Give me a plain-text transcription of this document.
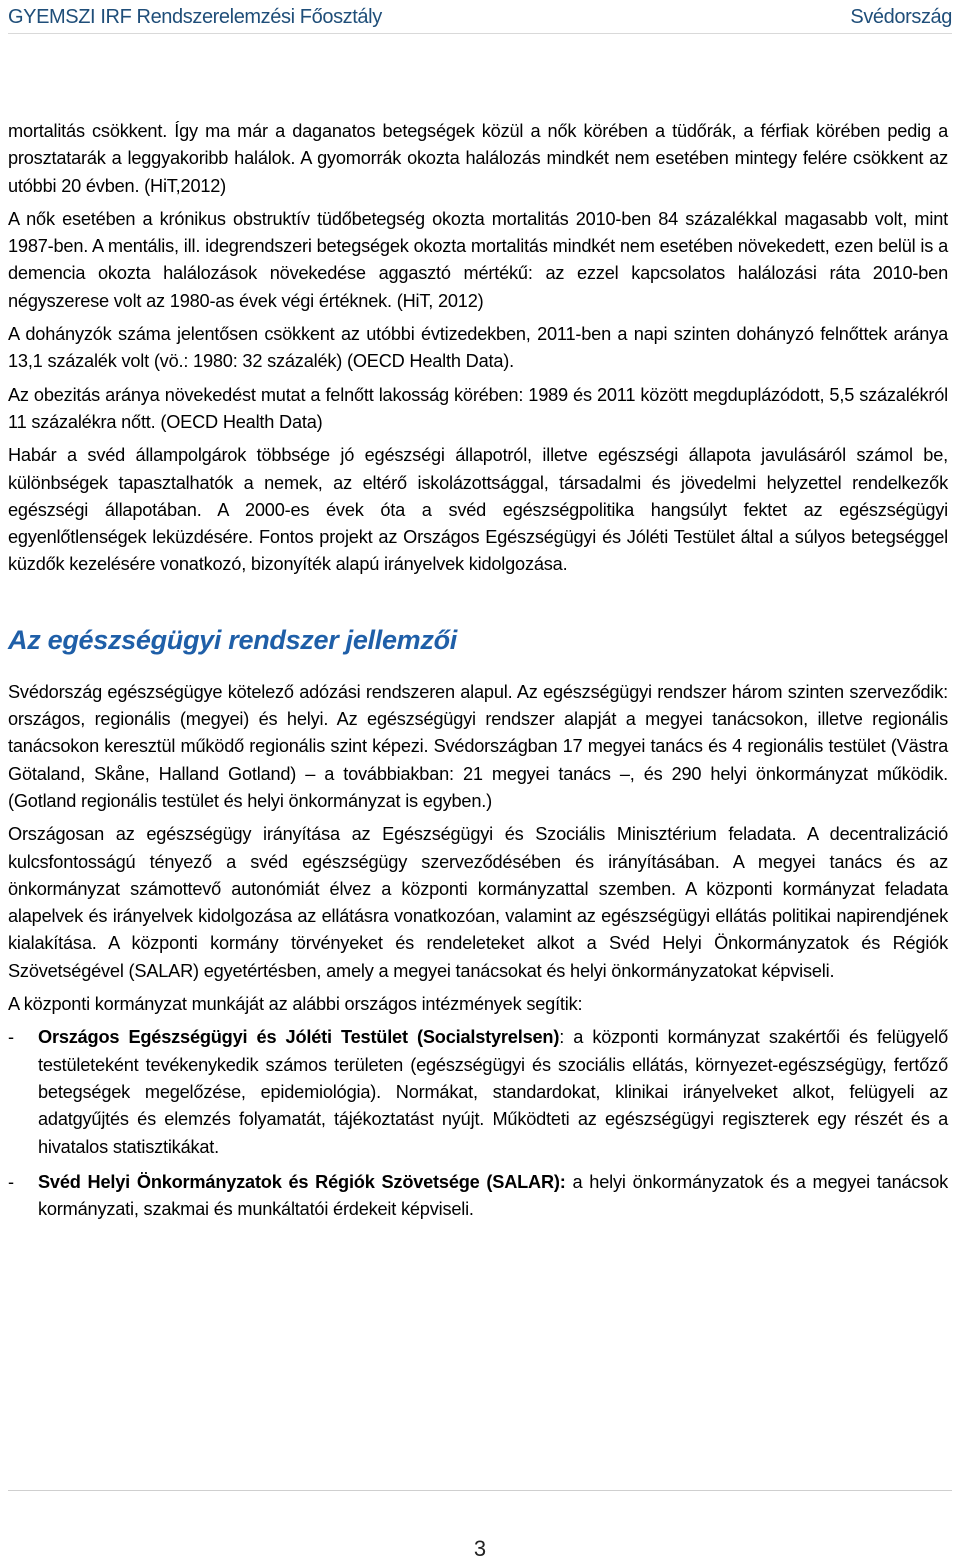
GYEMSZI IRF Rendszerelemzési Főosztály	Svédország

mortalitás csökkent. Így ma már a daganatos betegségek közül a nők körében a tüdőrák, a férfiak körében pedig a prosztatarák a leggyakoribb halálok. A gyomorrák okozta halálozás mindkét nem esetében mintegy felére csökkent az utóbbi 20 évben. (HiT,2012)

A nők esetében a krónikus obstruktív tüdőbetegség okozta mortalitás 2010-ben 84 százalékkal magasabb volt, mint 1987-ben. A mentális, ill. idegrendszeri betegségek okozta mortalitás mindkét nem esetében növekedett, ezen belül is a demencia okozta halálozások növekedése aggasztó mértékű: az ezzel kapcsolatos halálozási ráta 2010-ben négyszerese volt az 1980-as évek végi értéknek. (HiT, 2012)

A dohányzók száma jelentősen csökkent az utóbbi évtizedekben, 2011-ben a napi szinten dohányzó felnőttek aránya 13,1 százalék volt (vö.: 1980: 32 százalék) (OECD Health Data).

Az obezitás aránya növekedést mutat a felnőtt lakosság körében: 1989 és 2011 között megduplázódott, 5,5 százalékról 11 százalékra nőtt. (OECD Health Data)

Habár a svéd állampolgárok többsége jó egészségi állapotról, illetve egészségi állapota javulásáról számol be, különbségek tapasztalhatók a nemek, az eltérő iskolázottsággal, társadalmi és jövedelmi helyzettel rendelkezők egészségi állapotában. A 2000-es évek óta a svéd egészségpolitika hangsúlyt fektet az egészségügyi egyenlőtlenségek leküzdésére. Fontos projekt az Országos Egészségügyi és Jóléti Testület által a súlyos betegséggel küzdők kezelésére vonatkozó, bizonyíték alapú irányelvek kidolgozása.

Az egészségügyi rendszer jellemzői

Svédország egészségügye kötelező adózási rendszeren alapul. Az egészségügyi rendszer három szinten szerveződik: országos, regionális (megyei) és helyi. Az egészségügyi rendszer alapját a megyei tanácsokon, illetve regionális tanácsokon keresztül működő regionális szint képezi. Svédországban 17 megyei tanács és 4 regionális testület (Västra Götaland, Skåne, Halland Gotland) – a továbbiakban: 21 megyei tanács –, és 290 helyi önkormányzat működik. (Gotland regionális testület és helyi önkormányzat is egyben.)

Országosan az egészségügy irányítása az Egészségügyi és Szociális Minisztérium feladata. A decentralizáció kulcsfontosságú tényező a svéd egészségügy szerveződésében és irányításában. A megyei tanács és az önkormányzat számottevő autonómiát élvez a központi kormányzattal szemben. A központi kormányzat feladata alapelvek és irányelvek kidolgozása az ellátásra vonatkozóan, valamint az egészségügyi ellátás politikai napirendjének kialakítása. A központi kormány törvényeket és rendeleteket alkot a Svéd Helyi Önkormányzatok és Régiók Szövetségével (SALAR) egyetértésben, amely a megyei tanácsokat és helyi önkormányzatokat képviseli.

A központi kormányzat munkáját az alábbi országos intézmények segítik:

-	Országos Egészségügyi és Jóléti Testület (Socialstyrelsen): a központi kormányzat szakértői és felügyelő testületeként tevékenykedik számos területen (egészségügyi és szociális ellátás, környezet-egészségügy, fertőző betegségek megelőzése, epidemiológia). Normákat, standardokat, klinikai irányelveket alkot, felügyeli az adatgyűjtés és elemzés folyamatát, tájékoztatást nyújt. Működteti az egészségügyi regiszterek egy részét és a hivatalos statisztikákat.
-	Svéd Helyi Önkormányzatok és Régiók Szövetsége (SALAR): a helyi önkormányzatok és a megyei tanácsok kormányzati, szakmai és munkáltatói érdekeit képviseli.
3
